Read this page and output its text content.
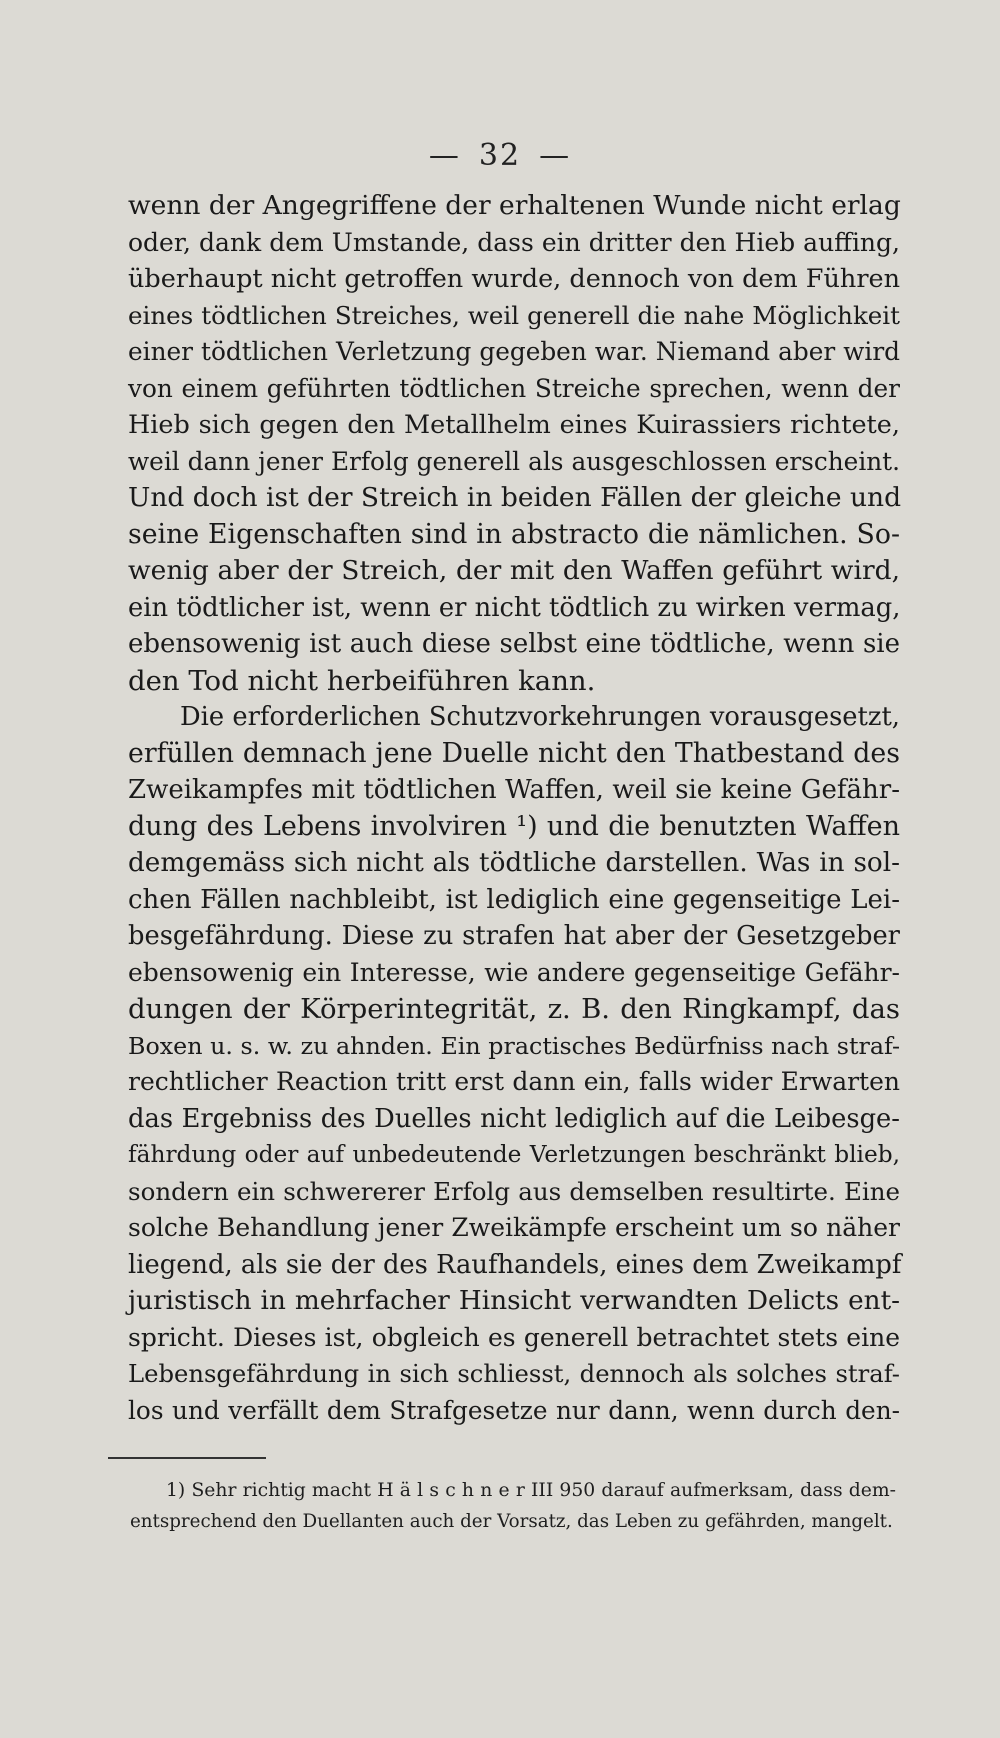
— 32 —
wenn der Angegriffene der erhaltenen Wunde nicht erlag
oder, dank dem Umstande, dass ein dritter den Hieb auffing,
überhaupt nicht getroffen wurde, dennoch von dem Führen
eines tödtlichen Streiches, weil generell die nahe Möglichkeit
einer tödtlichen Verletzung gegeben war. Niemand aber wird
von einem geführten tödtlichen Streiche sprechen, wenn der
Hieb sich gegen den Metallhelm eines Kuirassiers richtete,
weil dann jener Erfolg generell als ausgeschlossen erscheint.
Und doch ist der Streich in beiden Fällen der gleiche und
seine Eigenschaften sind in abstracto die nämlichen. So-
wenig aber der Streich, der mit den Waffen geführt wird,
ein tödtlicher ist, wenn er nicht tödtlich zu wirken vermag,
ebensowenig ist auch diese selbst eine tödtliche, wenn sie
den Tod nicht herbeiführen kann.
Die erforderlichen Schutzvorkehrungen vorausgesetzt,
erfüllen demnach jene Duelle nicht den Thatbestand des
Zweikampfes mit tödtlichen Waffen, weil sie keine Gefähr-
dung des Lebens involviren ¹) und die benutzten Waffen
demgemäss sich nicht als tödtliche darstellen. Was in sol-
chen Fällen nachbleibt, ist lediglich eine gegenseitige Lei-
besgefährdung. Diese zu strafen hat aber der Gesetzgeber
ebensowenig ein Interesse, wie andere gegenseitige Gefähr-
dungen der Körperintegrität, z. B. den Ringkampf, das
Boxen u. s. w. zu ahnden. Ein practisches Bedürfniss nach straf-
rechtlicher Reaction tritt erst dann ein, falls wider Erwarten
das Ergebniss des Duelles nicht lediglich auf die Leibesge-
fährdung oder auf unbedeutende Verletzungen beschränkt blieb,
sondern ein schwererer Erfolg aus demselben resultirte. Eine
solche Behandlung jener Zweikämpfe erscheint um so näher
liegend, als sie der des Raufhandels, eines dem Zweikampf
juristisch in mehrfacher Hinsicht verwandten Delicts ent-
spricht. Dieses ist, obgleich es generell betrachtet stets eine
Lebensgefährdung in sich schliesst, dennoch als solches straf-
los und verfällt dem Strafgesetze nur dann, wenn durch den-
1) Sehr richtig macht H ä l s c h n e r III 950 darauf aufmerksam, dass dem-
entsprechend den Duellanten auch der Vorsatz, das Leben zu gefährden, mangelt.
